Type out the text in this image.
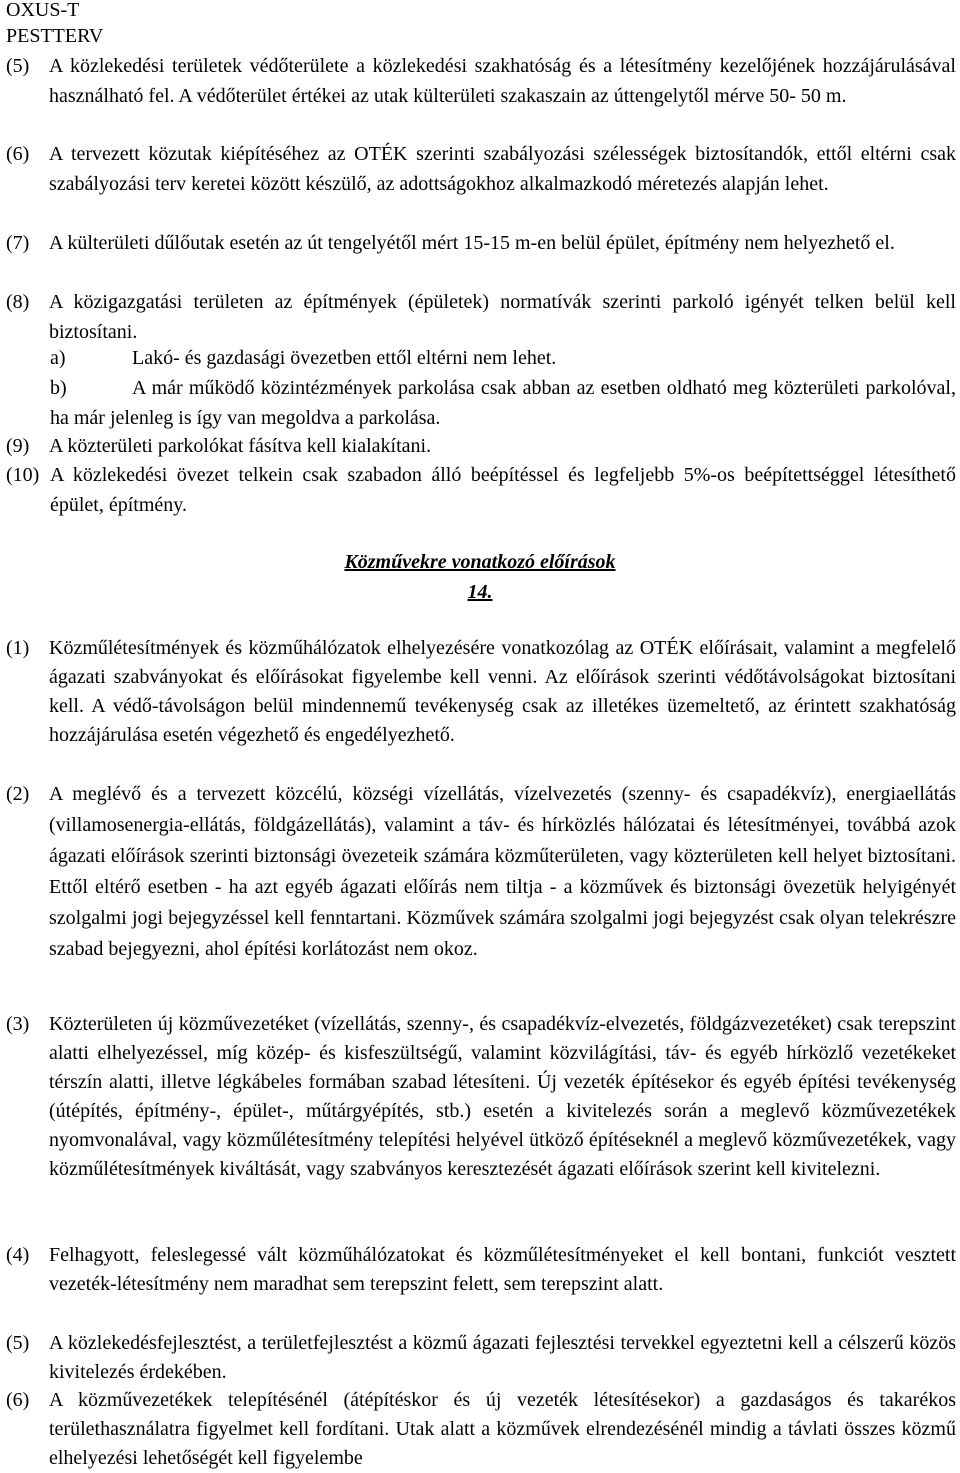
OXUS-T
PESTTERV
(5) A közlekedési területek védőterülete a közlekedési szakhatóság és a létesítmény kezelőjének hozzájárulásával használható fel. A védőterület értékei az utak külterületi szakaszain az úttengelytől mérve 50- 50 m.
(6) A tervezett közutak kiépítéséhez az OTÉK szerinti szabályozási szélességek biztosítandók, ettől eltérni csak szabályozási terv keretei között készülő, az adottságokhoz alkalmazkodó méretezés alapján lehet.
(7) A külterületi dűlőutak esetén az út tengelyétől mért 15-15 m-en belül épület, építmény nem helyezhető el.
(8) A közigazgatási területen az építmények (épületek) normatívák szerinti parkoló igényét telken belül kell biztosítani.
a)	Lakó- és gazdasági övezetben ettől eltérni nem lehet.
b)	A már működő közintézmények parkolása csak abban az esetben oldható meg közterületi parkolóval, ha már jelenleg is így van megoldva a parkolása.
(9) A közterületi parkolókat fásítva kell kialakítani.
(10) A közlekedési övezet telkein csak szabadon álló beépítéssel és legfeljebb 5%-os beépítettséggel létesíthető épület, építmény.
Közművekre vonatkozó előírások
14.
(1) Közműlétesítmények és közműhálózatok elhelyezésére vonatkozólag az OTÉK előírásait, valamint a megfelelő ágazati szabványokat és előírásokat figyelembe kell venni. Az előírások szerinti védőtávolságokat biztosítani kell. A védő-távolságon belül mindennemű tevékenység csak az illetékes üzemeltető, az érintett szakhatóság hozzájárulása esetén végezhető és engedélyezhető.
(2) A meglévő és a tervezett közcélú, községi vízellátás, vízelvezetés (szenny- és csapadékvíz), energiaellátás (villamosenergia-ellátás, földgázellátás), valamint a táv- és hírközlés hálózatai és létesítményei, továbbá azok ágazati előírások szerinti biztonsági övezeteik számára közműterületen, vagy közterületen kell helyet biztosítani. Ettől eltérő esetben - ha azt egyéb ágazati előírás nem tiltja - a közművek és biztonsági övezetük helyigényét szolgalmi jogi bejegyzéssel kell fenntartani. Közművek számára szolgalmi jogi bejegyzést csak olyan telekrészre szabad bejegyezni, ahol építési korlátozást nem okoz.
(3) Közterületen új közművezetéket (vízellátás, szenny-, és csapadékvíz-elvezetés, földgázvezetéket) csak terepszint alatti elhelyezéssel, míg közép- és kisfeszültségű, valamint közvilágítási, táv- és egyéb hírközlő vezetékeket térszín alatti, illetve légkábeles formában szabad létesíteni. Új vezeték építésekor és egyéb építési tevékenység (útépítés, építmény-, épület-, műtárgyépítés, stb.) esetén a kivitelezés során a meglevő közművezetékek nyomvonalával, vagy közműlétesítmény telepítési helyével ütköző építéseknél a meglevő közművezetékek, vagy közműlétesítmények kiváltását, vagy szabványos keresztezését ágazati előírások szerint kell kivitelezni.
(4) Felhagyott, feleslegessé vált közműhálózatokat és közműlétesítményeket el kell bontani, funkciót vesztett vezeték-létesítmény nem maradhat sem terepszint felett, sem terepszint alatt.
(5) A közlekedésfejlesztést, a területfejlesztést a közmű ágazati fejlesztési tervekkel egyeztetni kell a célszerű közös kivitelezés érdekében.
(6) A közművezetékek telepítésénél (átépítéskor és új vezeték létesítésekor) a gazdaságos és takarékos területhasználatra figyelmet kell fordítani. Utak alatt a közművek elrendezésénél mindig a távlati összes közmű elhelyezési lehetőségét kell figyelembe
